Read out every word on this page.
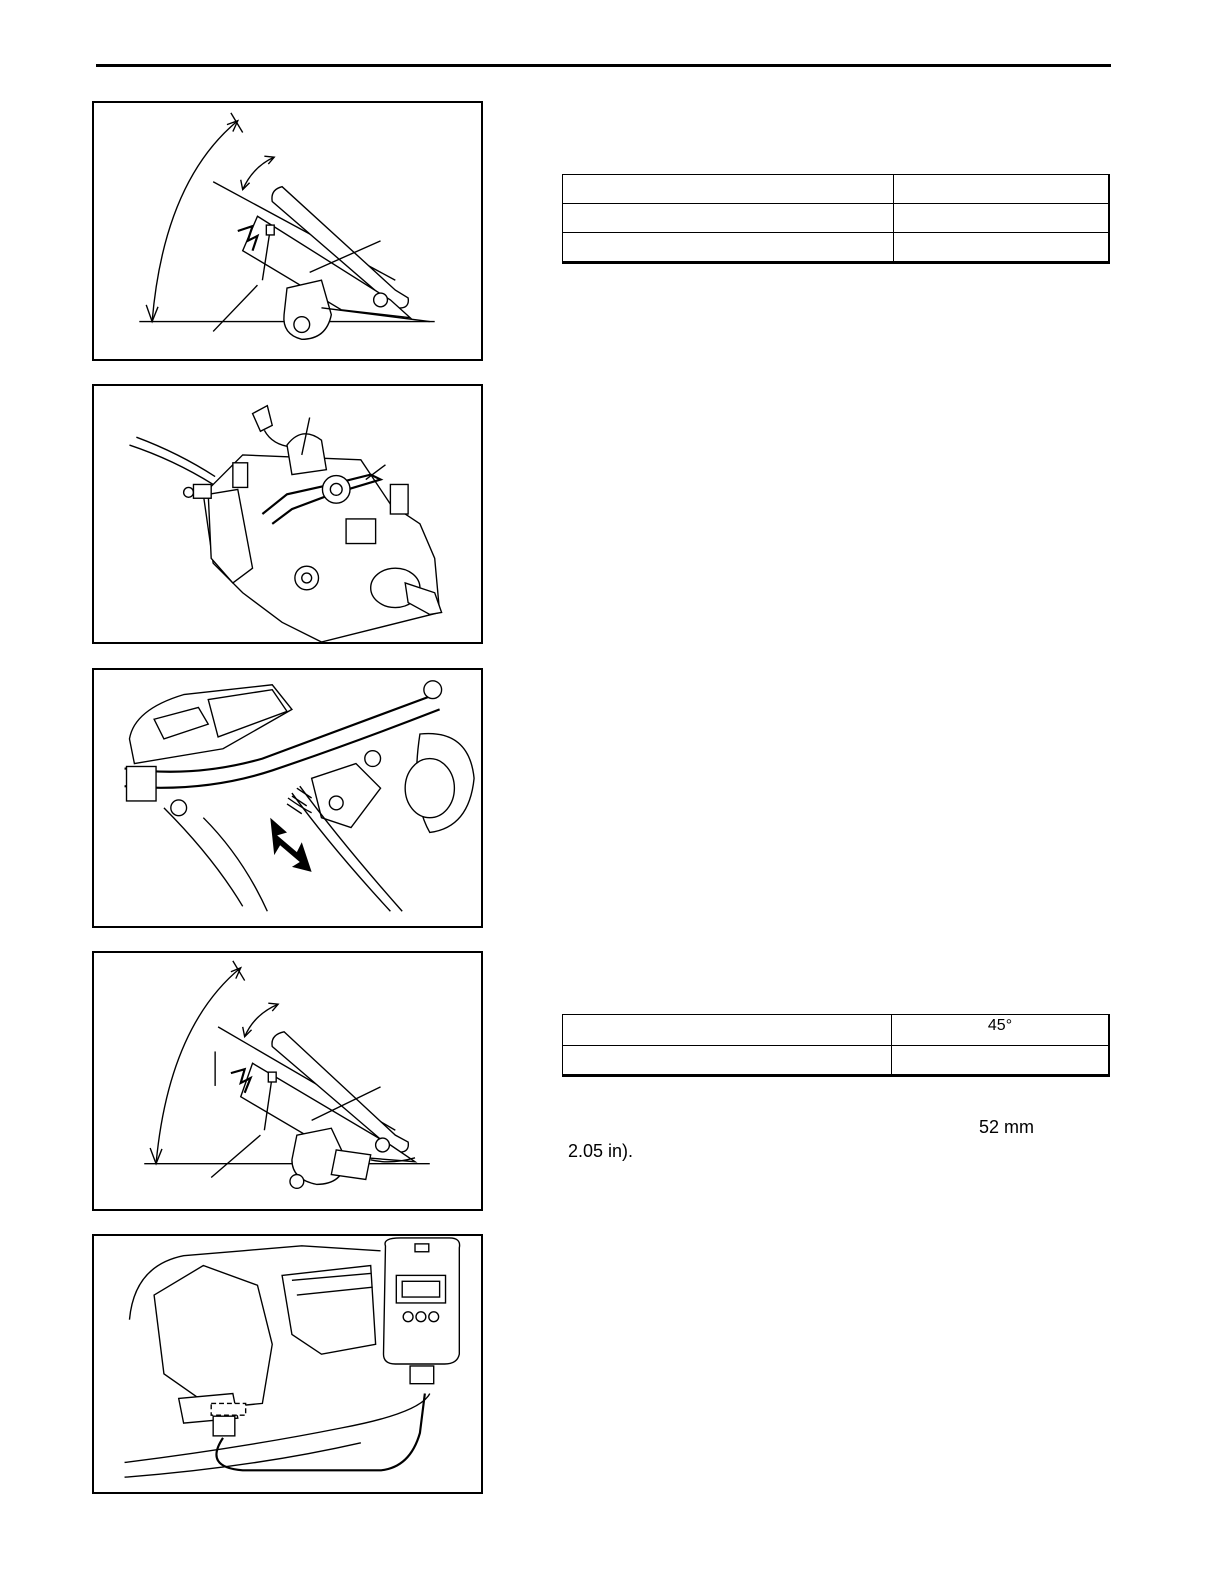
	45°

52 mm
2.05 in).
